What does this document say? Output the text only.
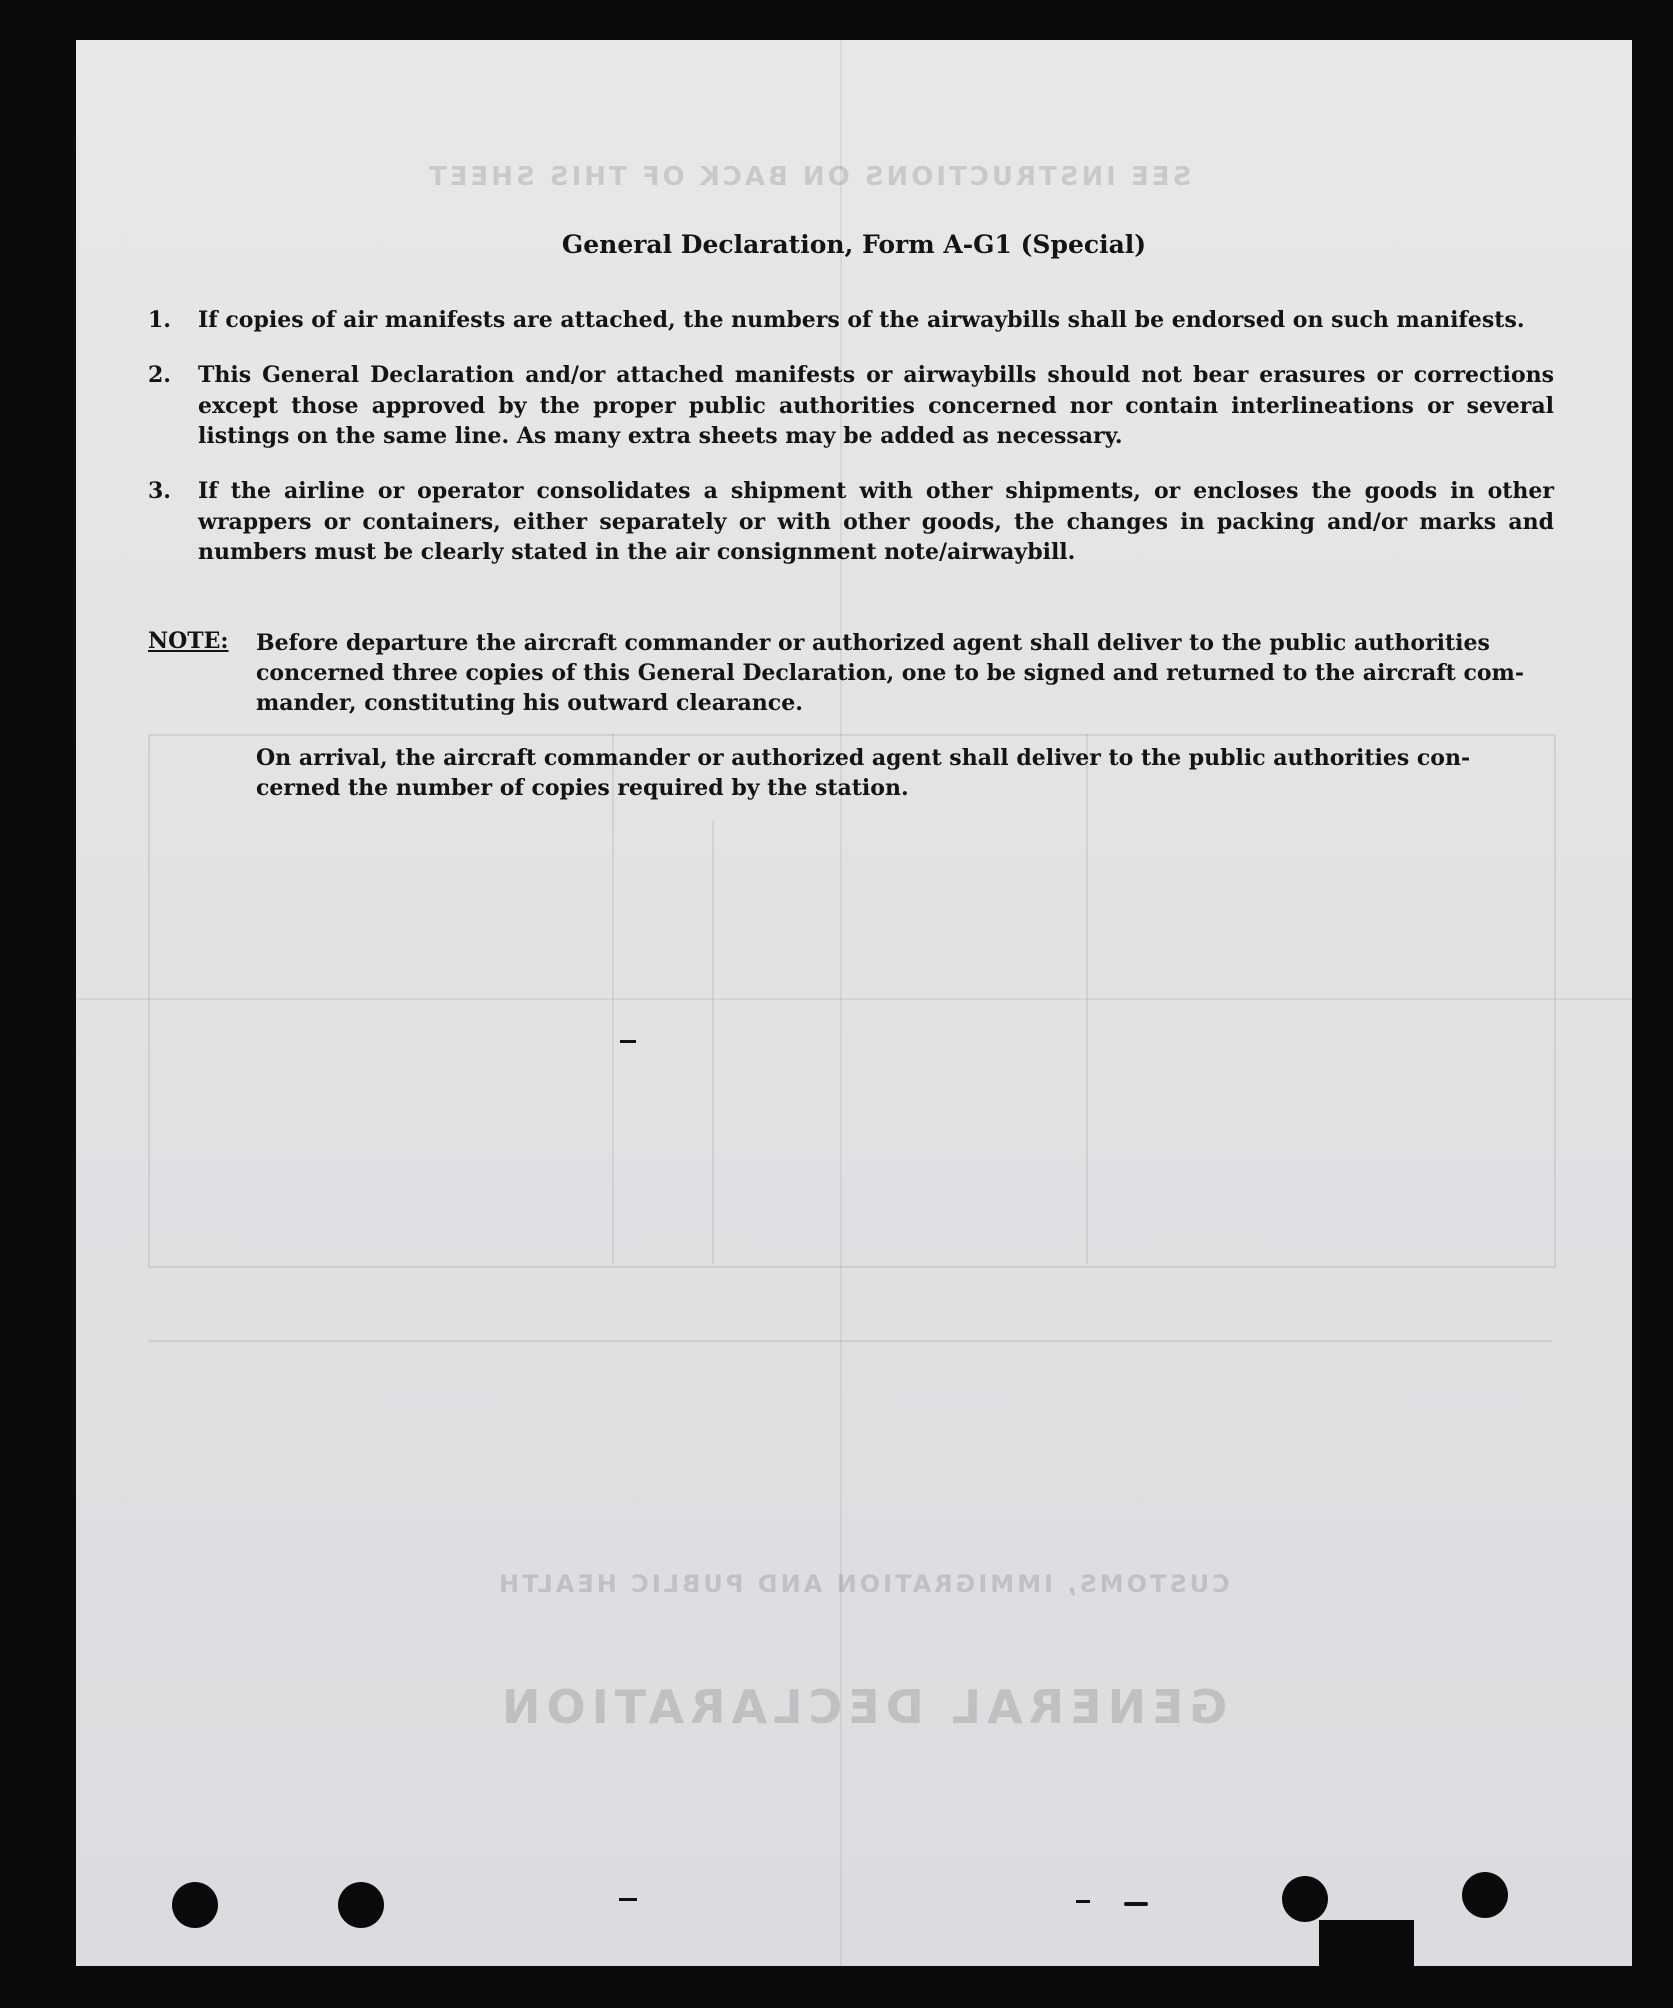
GENERAL DECLARATION
CUSTOMS, IMMIGRATION AND PUBLIC HEALTH
SEE INSTRUCTIONS ON BACK OF THIS SHEET
General Declaration, Form A-G1 (Special)
1. If copies of air manifests are attached, the numbers of the airwaybills shall be endorsed on such manifests.
2. This General Declaration and/or attached manifests or airwaybills should not bear erasures or corrections
except those approved by the proper public authorities concerned nor contain interlineations or several
listings on the same line. As many extra sheets may be added as necessary.
3. If the airline or operator consolidates a shipment with other shipments, or encloses the goods in other
wrappers or containers, either separately or with other goods, the changes in packing and/or marks and
numbers must be clearly stated in the air consignment note/airwaybill.
NOTE: Before departure the aircraft commander or authorized agent shall deliver to the public authorities
concerned three copies of this General Declaration, one to be signed and returned to the aircraft com-
mander, constituting his outward clearance.
On arrival, the aircraft commander or authorized agent shall deliver to the public authorities con-
cerned the number of copies required by the station.
